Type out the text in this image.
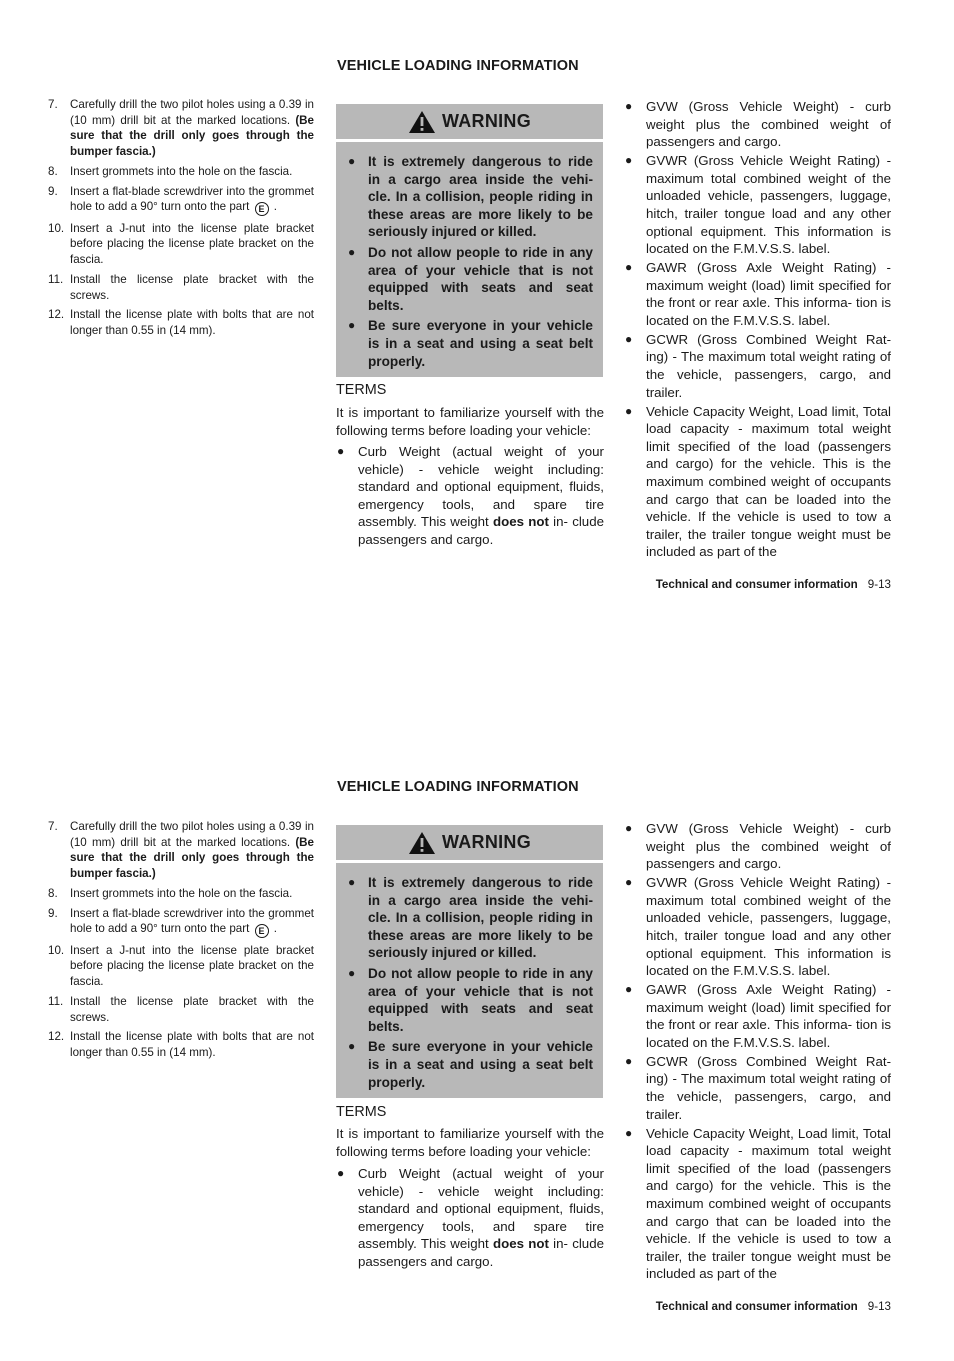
VEHICLE LOADING INFORMATION
7. Carefully drill the two pilot holes using a 0.39 in (10 mm) drill bit at the marked locations. (Be sure that the drill only goes through the bumper fascia.)
8. Insert grommets into the hole on the fascia.
9. Insert a flat-blade screwdriver into the grommet hole to add a 90° turn onto the part E .
10. Insert a J-nut into the license plate bracket before placing the license plate bracket on the fascia.
11. Install the license plate bracket with the screws.
12. Install the license plate with bolts that are not longer than 0.55 in (14 mm).
WARNING
● It is extremely dangerous to ride in a cargo area inside the vehi- cle. In a collision, people riding in these areas are more likely to be seriously injured or killed.
● Do not allow people to ride in any area of your vehicle that is not equipped with seats and seat belts.
● Be sure everyone in your vehicle is in a seat and using a seat belt properly.
TERMS
It is important to familiarize yourself with the following terms before loading your vehicle:
● Curb Weight (actual weight of your vehicle) - vehicle weight including: standard and optional equipment, fluids, emergency tools, and spare tire assembly. This weight does not in- clude passengers and cargo.
● GVW (Gross Vehicle Weight) - curb weight plus the combined weight of passengers and cargo.
● GVWR (Gross Vehicle Weight Rating) - maximum total combined weight of the unloaded vehicle, passengers, luggage, hitch, trailer tongue load and any other optional equipment. This information is located on the F.M.V.S.S. label.
● GAWR (Gross Axle Weight Rating) - maximum weight (load) limit specified for the front or rear axle. This informa- tion is located on the F.M.V.S.S. label.
● GCWR (Gross Combined Weight Rat- ing) - The maximum total weight rating of the vehicle, passengers, cargo, and trailer.
● Vehicle Capacity Weight, Load limit, Total load capacity - maximum total weight limit specified of the load (passengers and cargo) for the vehicle. This is the maximum combined weight of occupants and cargo that can be loaded into the vehicle. If the vehicle is used to tow a trailer, the trailer tongue weight must be included as part of the
Technical and consumer information 9-13
VEHICLE LOADING INFORMATION
7. Carefully drill the two pilot holes using a 0.39 in (10 mm) drill bit at the marked locations. (Be sure that the drill only goes through the bumper fascia.)
8. Insert grommets into the hole on the fascia.
9. Insert a flat-blade screwdriver into the grommet hole to add a 90° turn onto the part E .
10. Insert a J-nut into the license plate bracket before placing the license plate bracket on the fascia.
11. Install the license plate bracket with the screws.
12. Install the license plate with bolts that are not longer than 0.55 in (14 mm).
WARNING
● It is extremely dangerous to ride in a cargo area inside the vehi- cle. In a collision, people riding in these areas are more likely to be seriously injured or killed.
● Do not allow people to ride in any area of your vehicle that is not equipped with seats and seat belts.
● Be sure everyone in your vehicle is in a seat and using a seat belt properly.
TERMS
It is important to familiarize yourself with the following terms before loading your vehicle:
● Curb Weight (actual weight of your vehicle) - vehicle weight including: standard and optional equipment, fluids, emergency tools, and spare tire assembly. This weight does not in- clude passengers and cargo.
● GVW (Gross Vehicle Weight) - curb weight plus the combined weight of passengers and cargo.
● GVWR (Gross Vehicle Weight Rating) - maximum total combined weight of the unloaded vehicle, passengers, luggage, hitch, trailer tongue load and any other optional equipment. This information is located on the F.M.V.S.S. label.
● GAWR (Gross Axle Weight Rating) - maximum weight (load) limit specified for the front or rear axle. This informa- tion is located on the F.M.V.S.S. label.
● GCWR (Gross Combined Weight Rat- ing) - The maximum total weight rating of the vehicle, passengers, cargo, and trailer.
● Vehicle Capacity Weight, Load limit, Total load capacity - maximum total weight limit specified of the load (passengers and cargo) for the vehicle. This is the maximum combined weight of occupants and cargo that can be loaded into the vehicle. If the vehicle is used to tow a trailer, the trailer tongue weight must be included as part of the
Technical and consumer information 9-13
